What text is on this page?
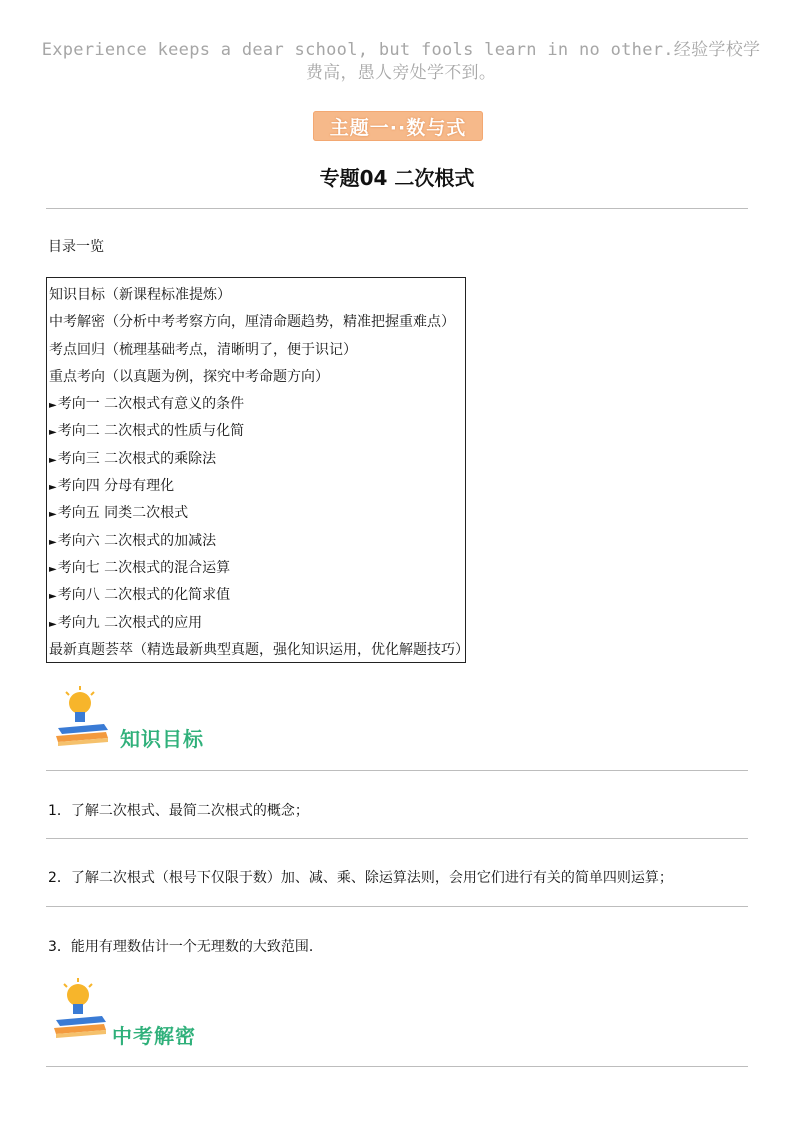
Experience keeps a dear school, but fools learn in no other.经验学校学费高，愚人旁处学不到。
主题一··数与式
专题04 二次根式
目录一览
知识目标（新课程标准提炼）
中考解密（分析中考考察方向，厘清命题趋势，精准把握重难点）
考点回归（梳理基础考点，清晰明了，便于识记）
重点考向（以真题为例，探究中考命题方向）
►考向一 二次根式有意义的条件
►考向二 二次根式的性质与化简
►考向三 二次根式的乘除法
►考向四 分母有理化
►考向五 同类二次根式
►考向六 二次根式的加减法
►考向七 二次根式的混合运算
►考向八 二次根式的化简求值
►考向九 二次根式的应用
最新真题荟萃（精选最新典型真题，强化知识运用，优化解题技巧）
知识目标
1．了解二次根式、最简二次根式的概念；
2．了解二次根式（根号下仅限于数）加、减、乘、除运算法则，会用它们进行有关的简单四则运算；
3．能用有理数估计一个无理数的大致范围．
中考解密
